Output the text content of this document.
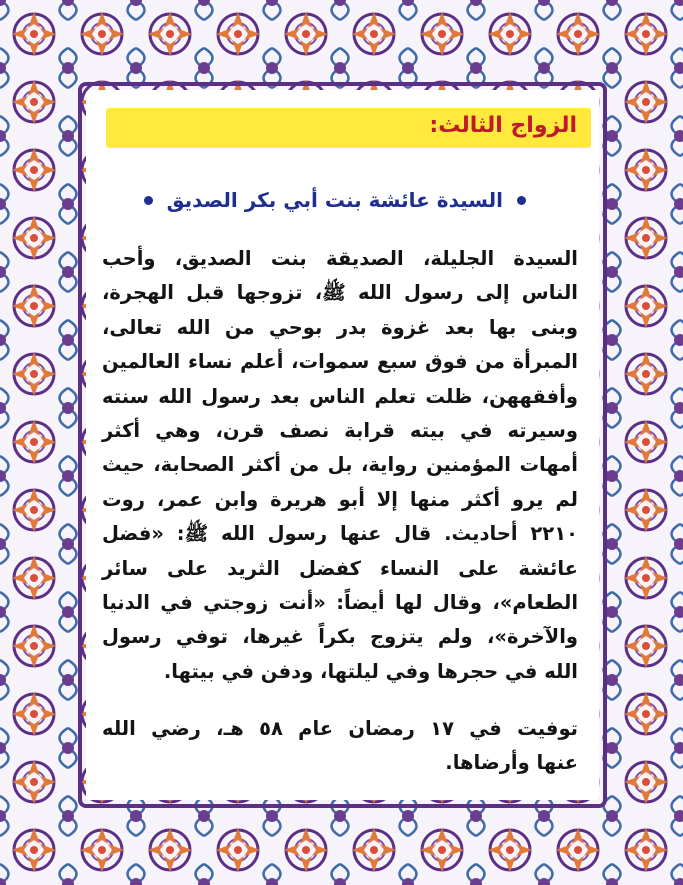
الزواج الثالث:
السيدة عائشة بنت أبي بكر الصديق
السيدة الجليلة، الصديقة بنت الصديق، وأحب
الناس إلى رسول الله ﷺ، تزوجها قبل الهجرة،
وبنى بها بعد غزوة بدر بوحي من الله تعالى،
المبرأة من فوق سبع سموات، أعلم نساء العالمين
وأفقههن، ظلت تعلم الناس بعد رسول الله سنته
وسيرته في بيته قرابة نصف قرن، وهي أكثر
أمهات المؤمنين رواية، بل من أكثر الصحابة، حيث
لم يرو أكثر منها إلا أبو هريرة وابن عمر، روت
٢٢١٠ أحاديث. قال عنها رسول الله ﷺ: «فضل
عائشة على النساء كفضل الثريد على سائر
الطعام»، وقال لها أيضاً: «أنت زوجتي في الدنيا
والآخرة»، ولم يتزوج بكراً غيرها، توفي رسول
الله في حجرها وفي ليلتها، ودفن في بيتها.
توفيت في ١٧ رمضان عام ٥٨ هـ، رضي الله
عنها وأرضاها.
